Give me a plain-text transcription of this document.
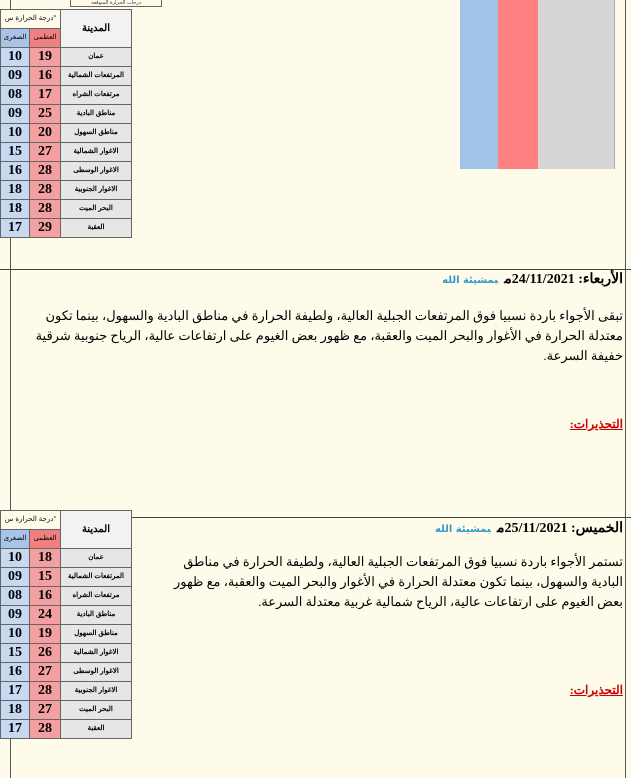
درجات الحرارة المتوقعة
درجة الحرارة س°		المدينة
الصغرى	العظمى	
10	19	عمان
09	16	المرتفعات الشمالية
08	17	مرتفعات الشراه
09	25	مناطق البادية
10	20	مناطق السهول
15	27	الاغوار الشمالية
16	28	الاغوار الوسطى
18	28	الاغوار الجنوبية
18	28	البحر الميت
17	29	العقبة
الأربعاء: 24/11/2021مبمشيئة الله
تبقى الأجواء باردة نسبيا فوق المرتفعات الجبلية العالية، ولطيفة الحرارة في مناطق البادية والسهول، بينما تكون معتدلة الحرارة في الأغوار والبحر الميت والعقبة، مع ظهور بعض الغيوم على ارتفاعات عالية، الرياح جنوبية شرقية خفيفة السرعة.
التحذيرات:
درجة الحرارة س°		المدينة
الصغرى	العظمى	
10	18	عمان
09	15	المرتفعات الشمالية
08	16	مرتفعات الشراه
09	24	مناطق البادية
10	19	مناطق السهول
15	26	الاغوار الشمالية
16	27	الاغوار الوسطى
17	28	الاغوار الجنوبية
18	27	البحر الميت
17	28	العقبة
الخميس: 25/11/2021مبمشيئة الله
تستمر الأجواء باردة نسبيا فوق المرتفعات الجبلية العالية، ولطيفة الحرارة في مناطق البادية والسهول، بينما تكون معتدلة الحرارة في الأغوار والبحر الميت والعقبة، مع ظهور بعض الغيوم على ارتفاعات عالية، الرياح شمالية غربية معتدلة السرعة.
التحذيرات:
